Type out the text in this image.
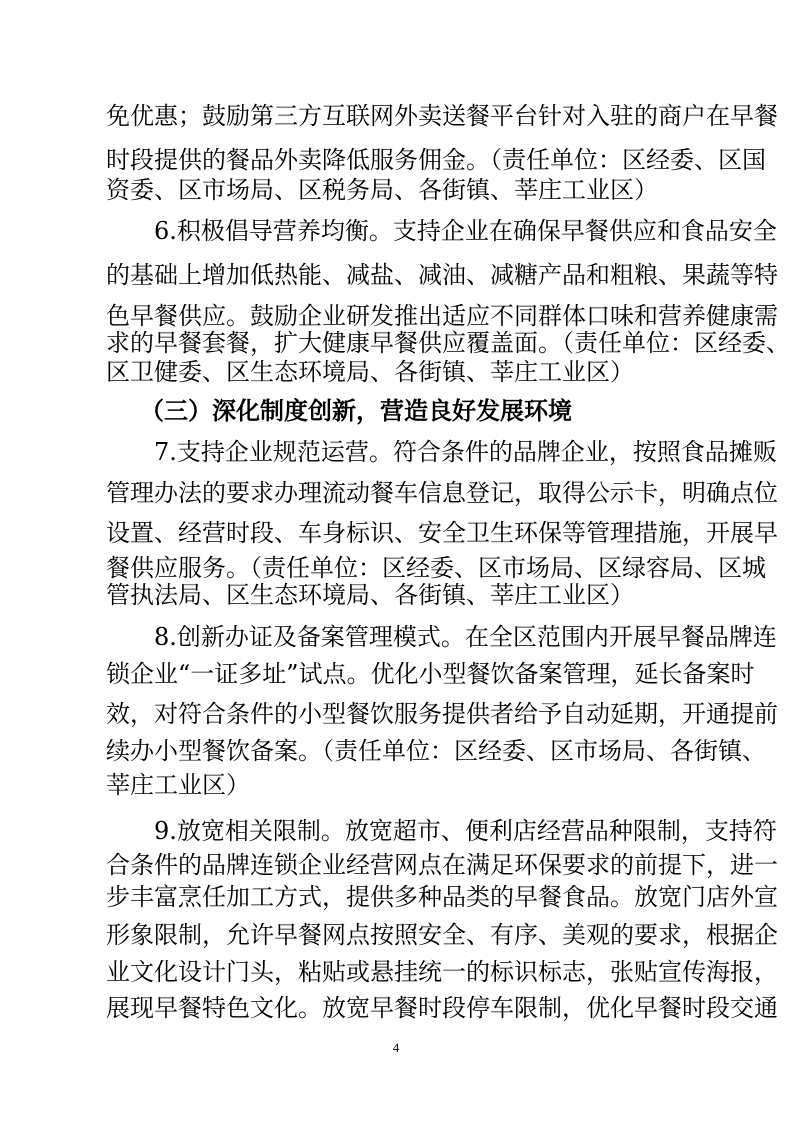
免优惠；鼓励第三方互联网外卖送餐平台针对入驻的商户在早餐
时段提供的餐品外卖降低服务佣金。（责任单位：区经委、区国
资委、区市场局、区税务局、各街镇、莘庄工业区）
6.积极倡导营养均衡。支持企业在确保早餐供应和食品安全
的基础上增加低热能、减盐、减油、减糖产品和粗粮、果蔬等特
色早餐供应。鼓励企业研发推出适应不同群体口味和营养健康需
求的早餐套餐，扩大健康早餐供应覆盖面。（责任单位：区经委、
区卫健委、区生态环境局、各街镇、莘庄工业区）
（三）深化制度创新，营造良好发展环境
7.支持企业规范运营。符合条件的品牌企业，按照食品摊贩
管理办法的要求办理流动餐车信息登记，取得公示卡，明确点位
设置、经营时段、车身标识、安全卫生环保等管理措施，开展早
餐供应服务。（责任单位：区经委、区市场局、区绿容局、区城
管执法局、区生态环境局、各街镇、莘庄工业区）
8.创新办证及备案管理模式。在全区范围内开展早餐品牌连
锁企业“一证多址”试点。优化小型餐饮备案管理，延长备案时
效，对符合条件的小型餐饮服务提供者给予自动延期，开通提前
续办小型餐饮备案。（责任单位：区经委、区市场局、各街镇、
莘庄工业区）
9.放宽相关限制。放宽超市、便利店经营品种限制，支持符
合条件的品牌连锁企业经营网点在满足环保要求的前提下，进一
步丰富烹任加工方式，提供多种品类的早餐食品。放宽门店外宣
形象限制，允许早餐网点按照安全、有序、美观的要求，根据企
业文化设计门头，粘贴或悬挂统一的标识标志，张贴宣传海报，
展现早餐特色文化。放宽早餐时段停车限制，优化早餐时段交通
4
